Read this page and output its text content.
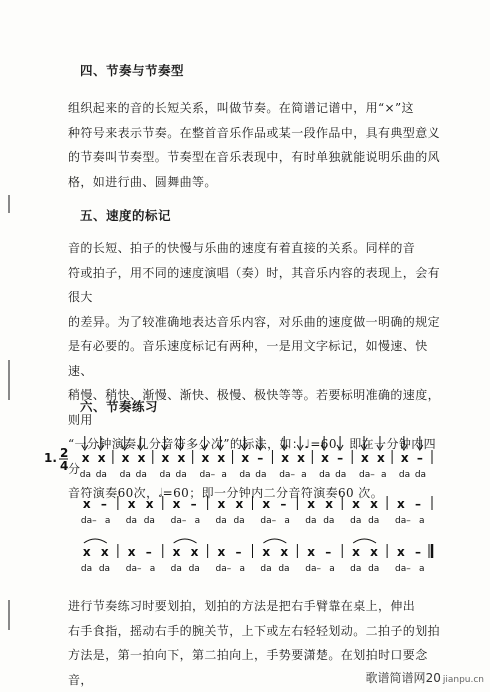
四、节奏与节奏型

组织起来的音的长短关系，叫做节奏。在简谱记谱中，用“×”这

种符号来表示节奏。在整首音乐作品或某一段作品中，具有典型意义

的节奏叫节奏型。节奏型在音乐表现中，有时单独就能说明乐曲的风

格，如进行曲、圆舞曲等。

五、速度的标记

音的长短、拍子的快慢与乐曲的速度有着直接的关系。同样的音

符或拍子，用不同的速度演唱（奏）时，其音乐内容的表现上，会有很大

的差异。为了较准确地表达音乐内容，对乐曲的速度做一明确的规定

是有必要的。音乐速度标记有两种，一是用文字标记，如慢速、快速、

稍慢、稍快、渐慢、渐快、极慢、极快等等。若要标明准确的速度，则用

“一分钟演奏几分音符多少次”的标法，如：♩=60，即在一分钟内四分

音符演奏60次，𝅗𝅥=60；即一分钟内二分音符演奏60 次。

六、节奏练习
1. 2
4
x x
da da
x x
da da
x x
da da
x x
da– a
x –
da da
x x
da– a
x –
da da
x x
da– a
x –
da da
x –
da– a
x x
da da
x –
da– a
x x
da da
x –
da– a
x x
da da
x x
da da
x –
da– a
x x
da da
x –
da– a
x x
da da
x –
da– a
x x
da da
x –
da– a
x x
da da
x –
da– a

进行节奏练习时要划拍，划拍的方法是把右手臂靠在桌上，伸出

右手食指，摇动右手的腕关节，上下或左右轻轻划动。二拍子的划拍

方法是，第一拍向下，第二拍向上，手势要潇楚。在划拍时口要念音，	歌谱简谱网20 jianpu.cn
